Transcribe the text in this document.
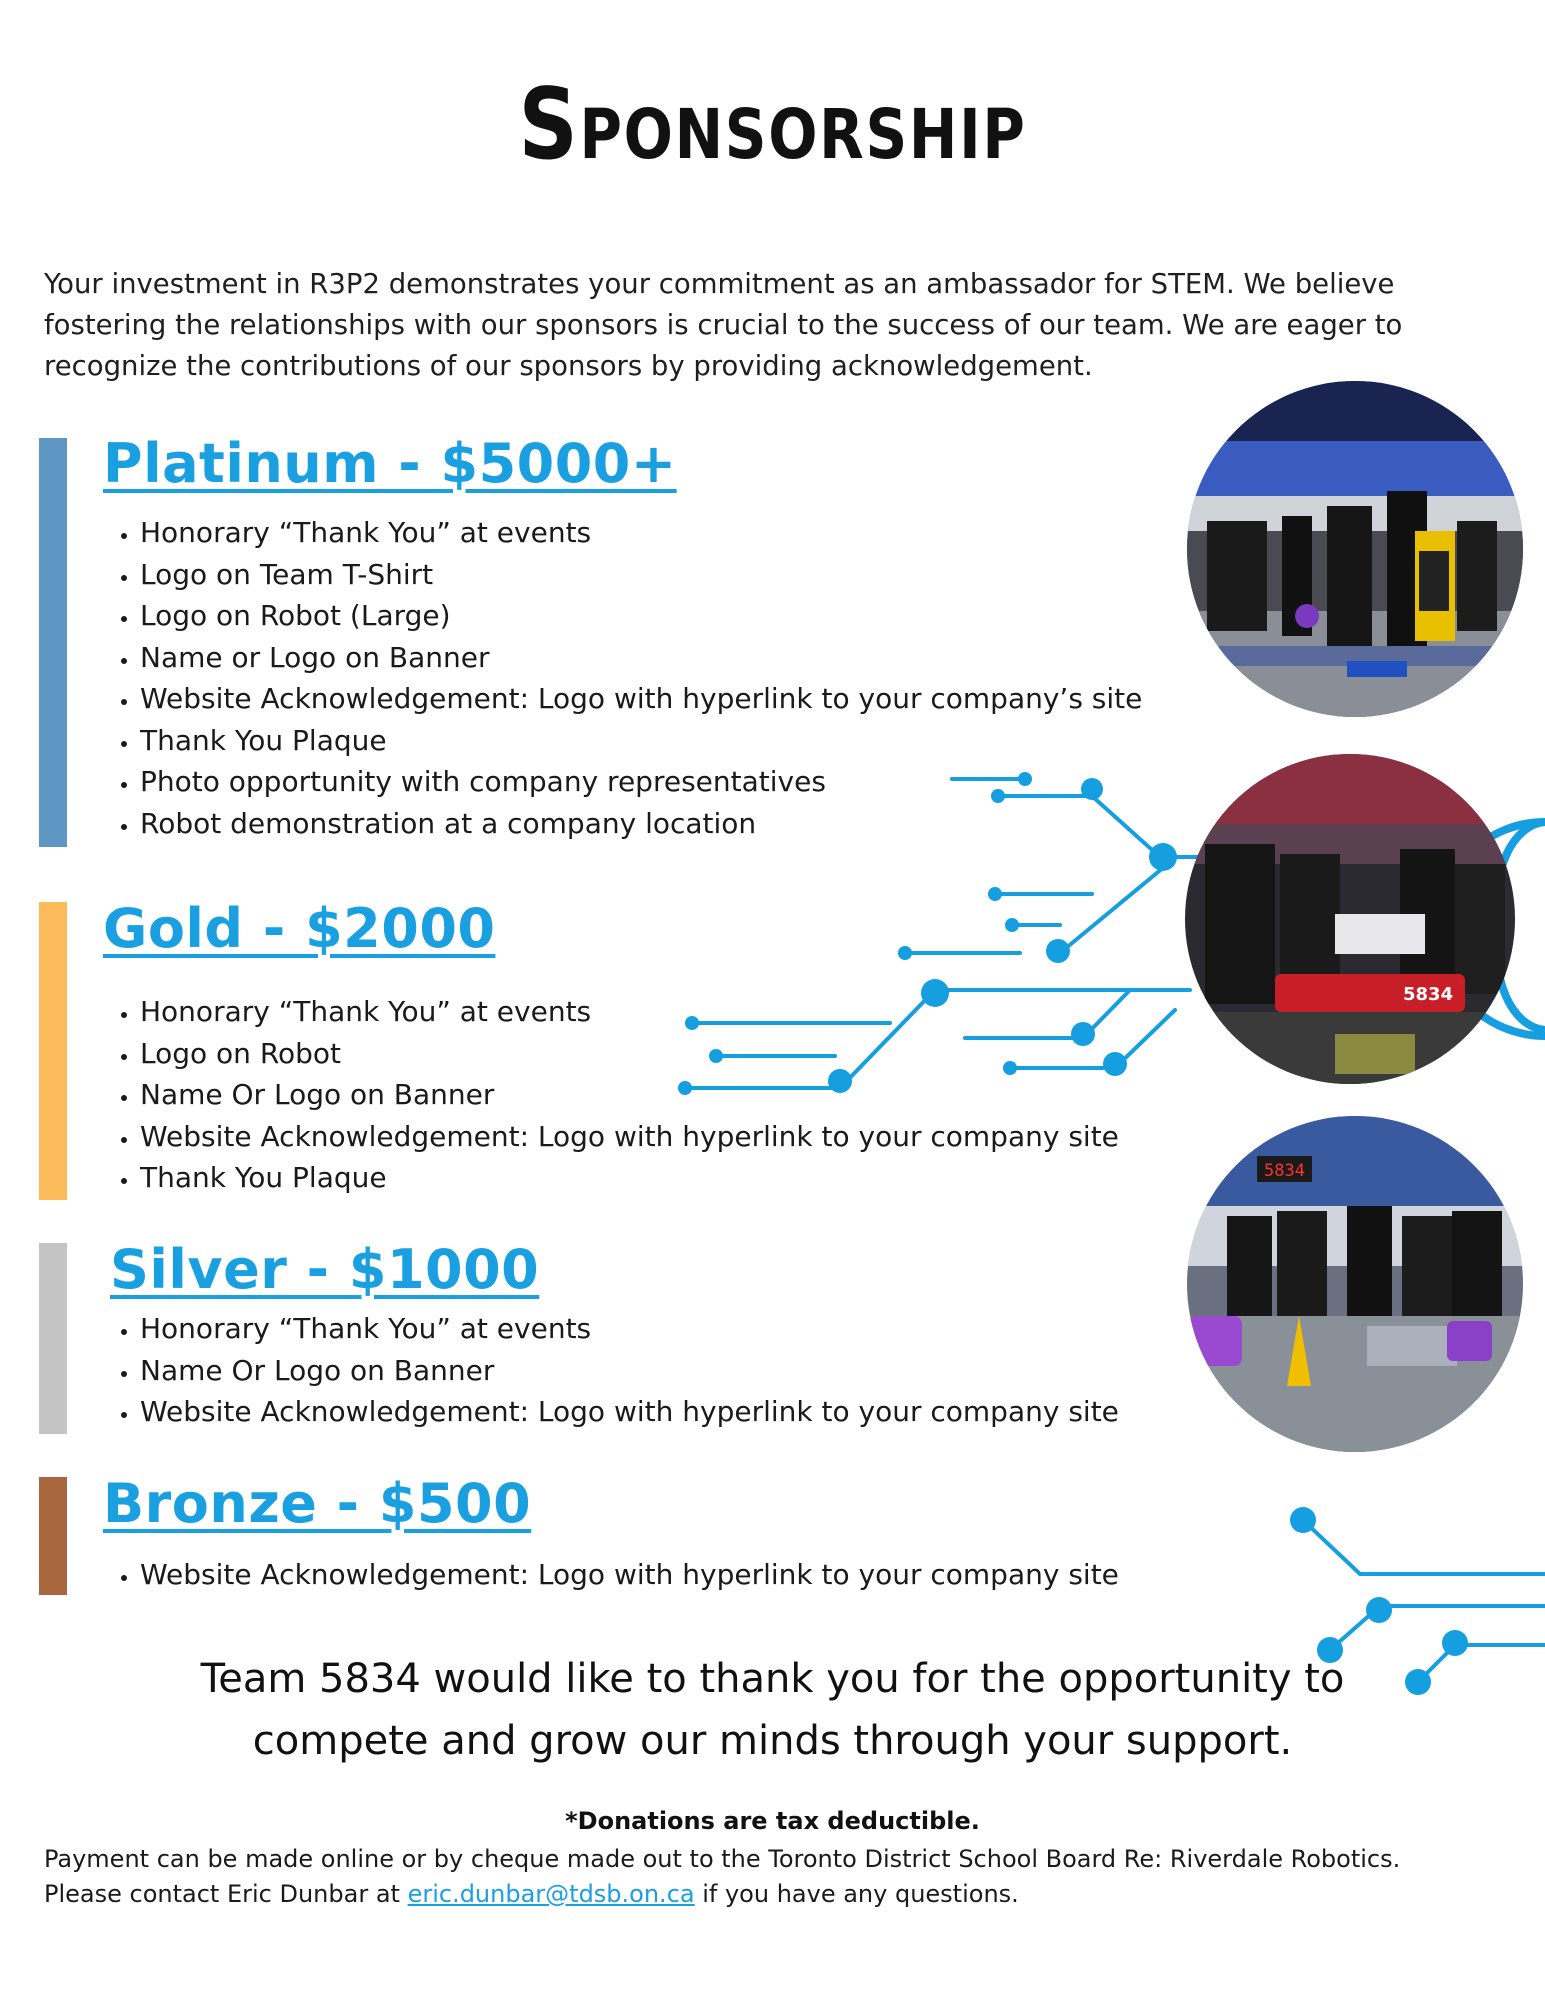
Sponsorship

Your investment in R3P2 demonstrates your commitment as an ambassador for STEM. We believe fostering the relationships with our sponsors is crucial to the success of our team. We are eager to recognize the contributions of our sponsors by providing acknowledgement.

Platinum - $5000+
• Honorary “Thank You” at events
• Logo on Team T-Shirt
• Logo on Robot (Large)
• Name or Logo on Banner
• Website Acknowledgement: Logo with hyperlink to your company’s site
• Thank You Plaque
• Photo opportunity with company representatives
• Robot demonstration at a company location
Gold - $2000
• Honorary “Thank You” at events
• Logo on Robot
• Name Or Logo on Banner
• Website Acknowledgement: Logo with hyperlink to your company site
• Thank You Plaque
Silver - $1000
• Honorary “Thank You” at events
• Name Or Logo on Banner
• Website Acknowledgement: Logo with hyperlink to your company site
Bronze - $500
• Website Acknowledgement: Logo with hyperlink to your company site
5834
5834
Team 5834 would like to thank you for the opportunity to compete and grow our minds through your support.
*Donations are tax deductible.
Payment can be made online or by cheque made out to the Toronto District School Board Re: Riverdale Robotics.
Please contact Eric Dunbar at eric.dunbar@tdsb.on.ca if you have any questions.
